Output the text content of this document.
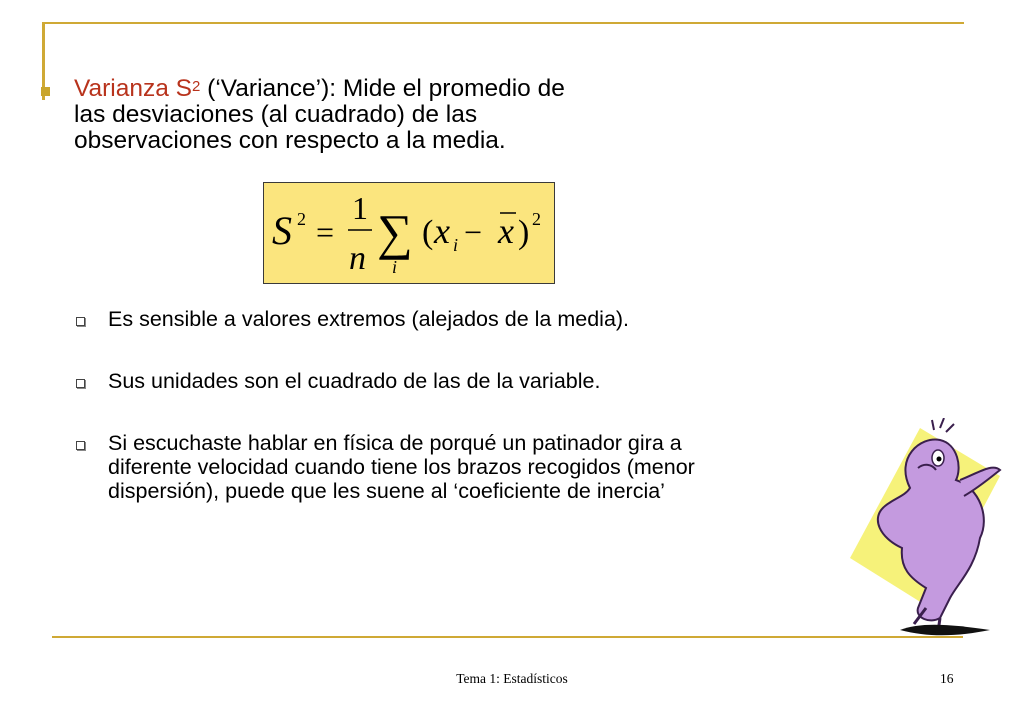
Varianza $S^2$ (‘Variance’): Mide el promedio de
las desviaciones (al cuadrado) de las
observaciones con respecto a la media.
S 2 =
1
n ∑
i
( x i − x ) 2
Es sensible a valores extremos (alejados de la media).
Sus unidades son el cuadrado de las de la variable.
Si escuchaste hablar en física de porqué un patinador gira a
diferente velocidad cuando tiene los brazos recogidos (menor
dispersión), puede que les suene al ‘coeficiente de inercia’
Tema 1: Estadísticos	16
